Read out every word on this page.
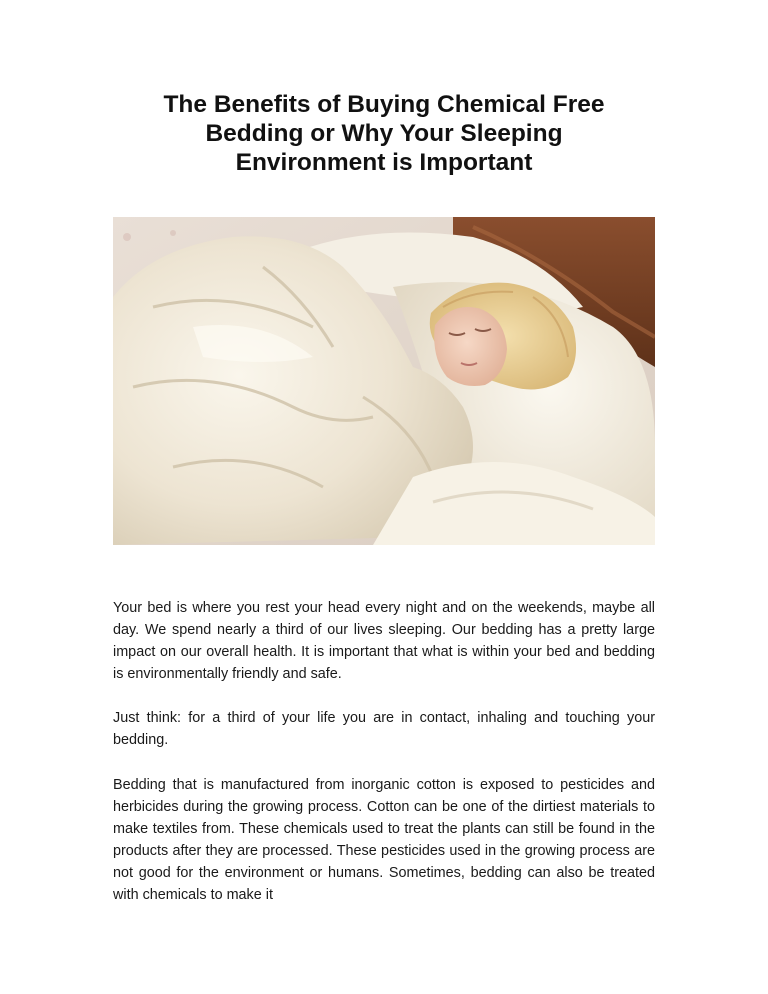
The Benefits of Buying Chemical Free
Bedding or Why Your Sleeping
Environment is Important

Your bed is where you rest your head every night and on the weekends, maybe all day. We spend nearly a third of our lives sleeping. Our bedding has a pretty large impact on our overall health. It is important that what is within your bed and bedding is environmentally friendly and safe.

Just think: for a third of your life you are in contact, inhaling and touching your bedding.

Bedding that is manufactured from inorganic cotton is exposed to pesticides and herbicides during the growing process. Cotton can be one of the dirtiest materials to make textiles from. These chemicals used to treat the plants can still be found in the products after they are processed. These pesticides used in the growing process are not good for the environment or humans. Sometimes, bedding can also be treated with chemicals to make it
